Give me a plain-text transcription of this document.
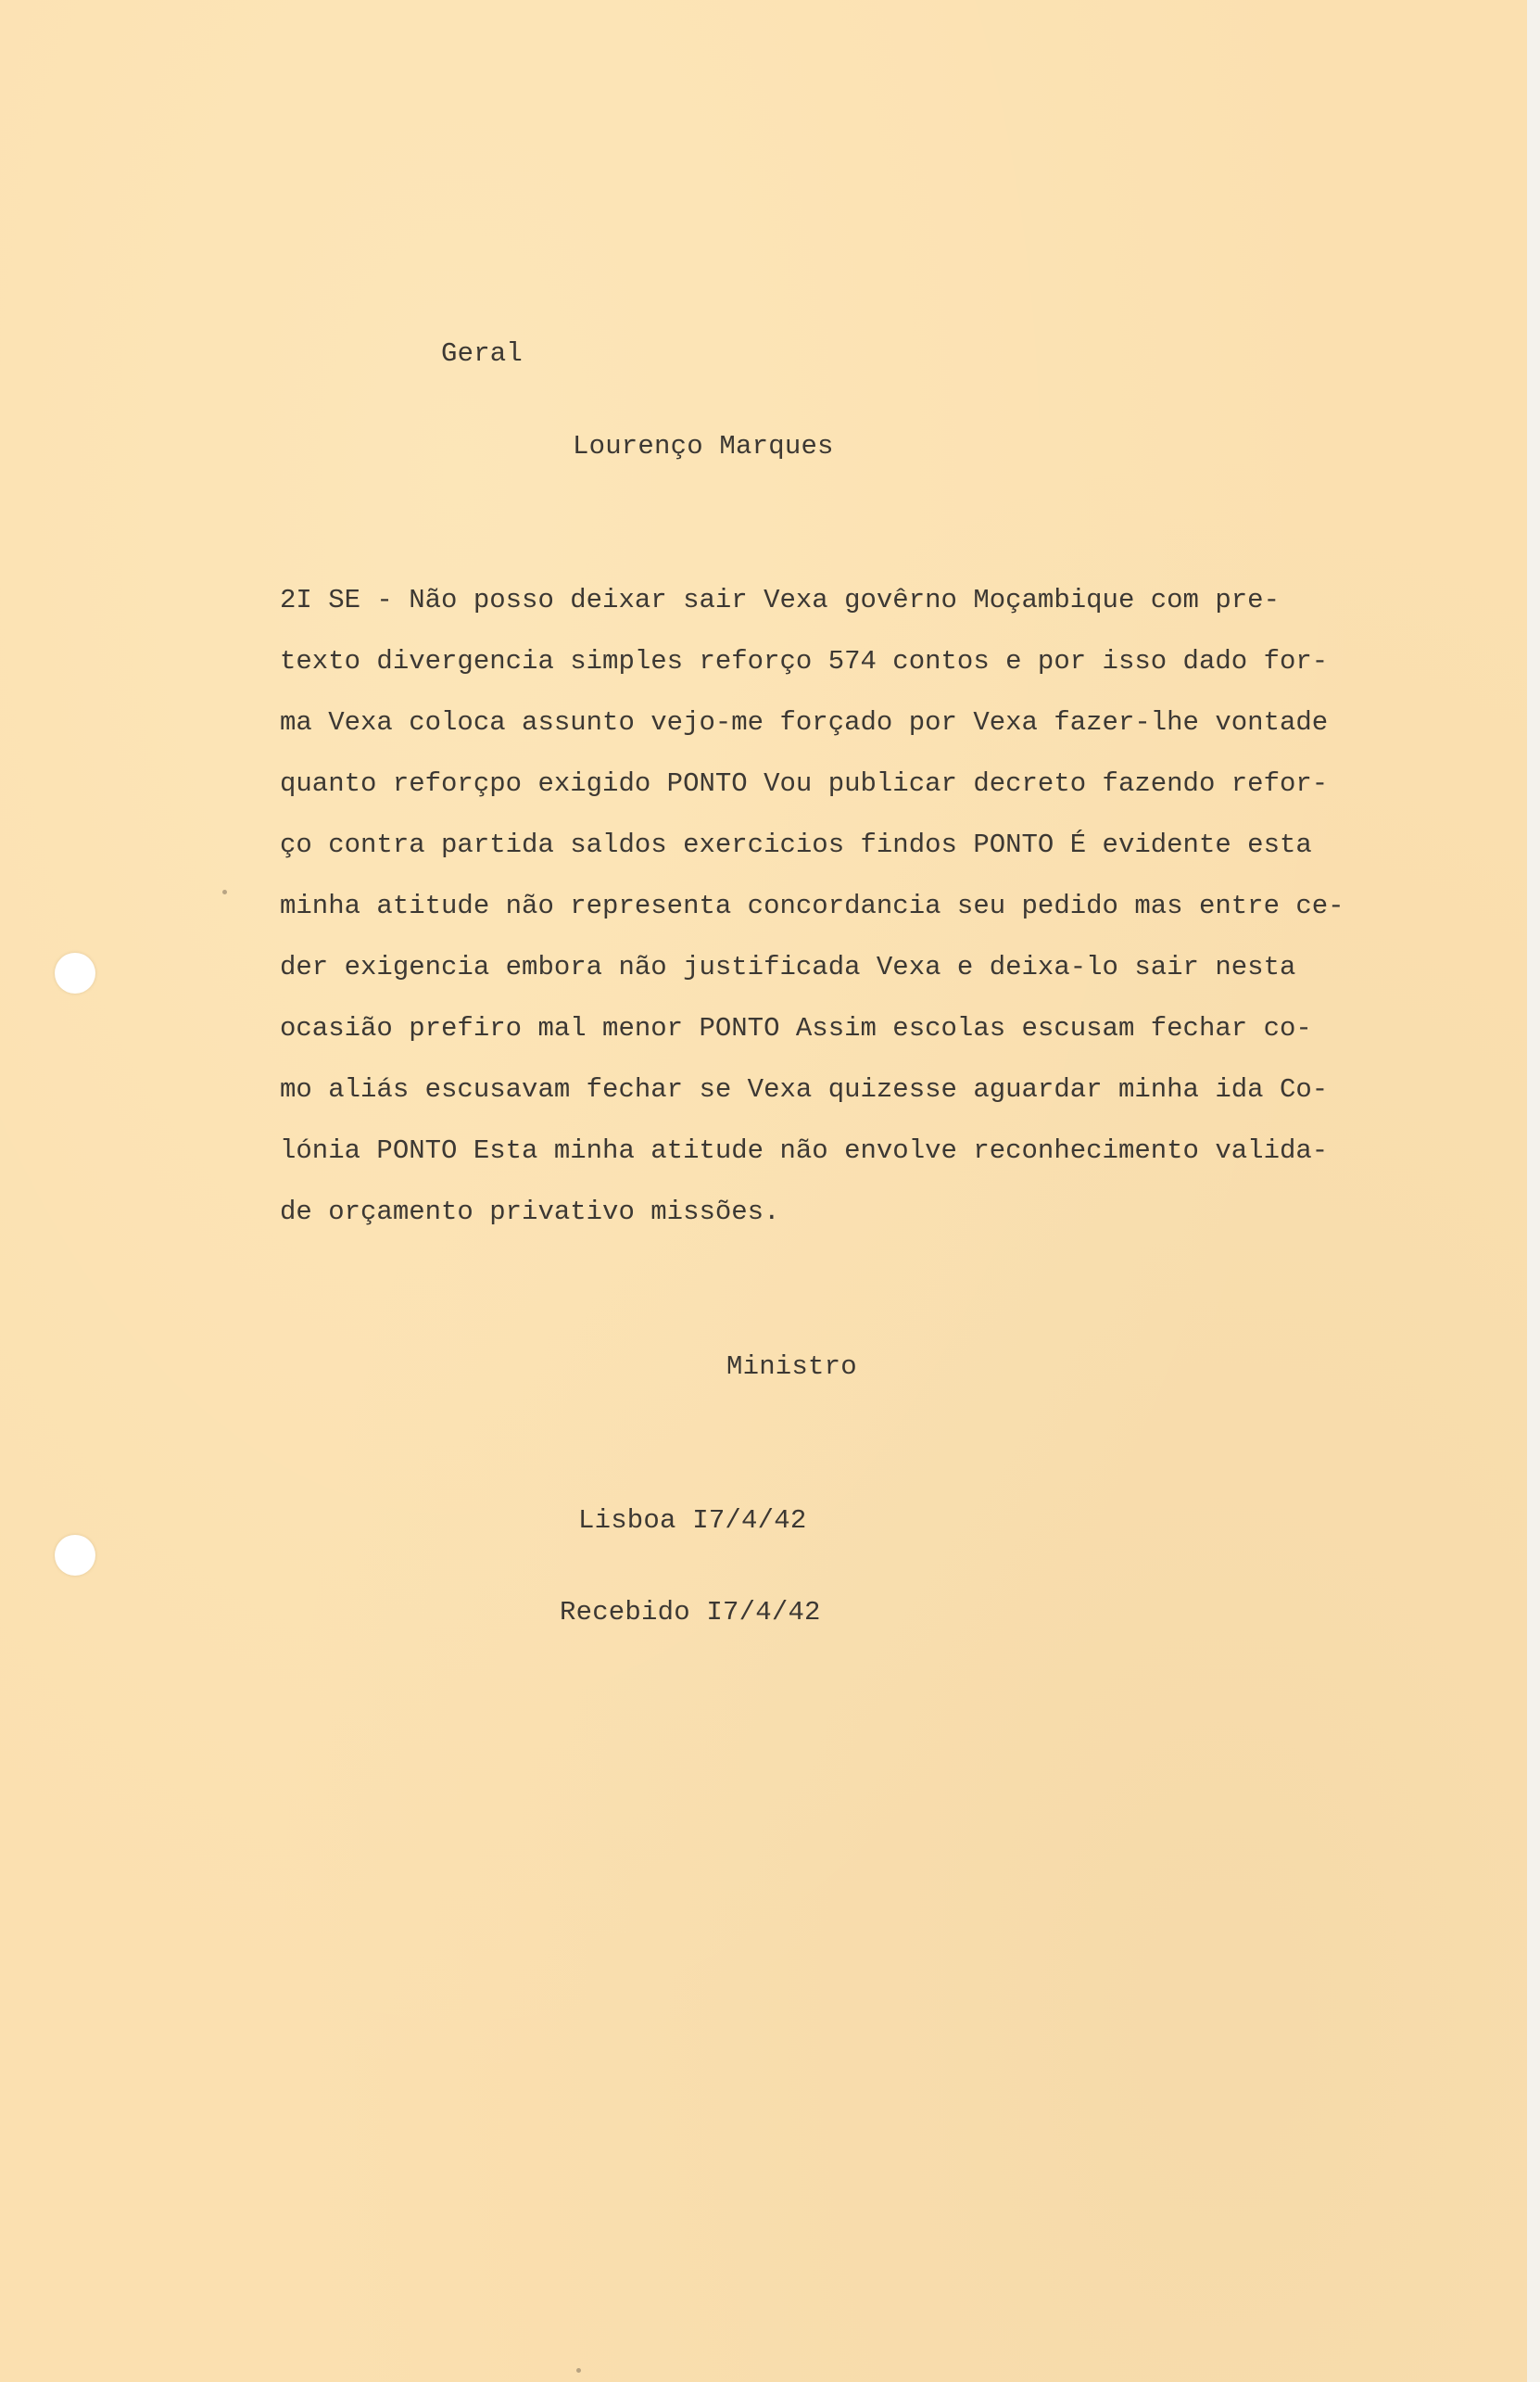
Geral
Lourenço Marques
2I SE - Não posso deixar sair Vexa govêrno Moçambique com pre-
texto divergencia simples reforço 574 contos e por isso dado for-
ma Vexa coloca assunto vejo-me forçado por Vexa fazer-lhe vontade
quanto reforçpo exigido PONTO Vou publicar decreto fazendo refor-
ço contra partida saldos exercicios findos PONTO É evidente esta
minha atitude não representa concordancia seu pedido mas entre ce-
der exigencia embora não justificada Vexa e deixa-lo sair nesta
ocasião prefiro mal menor PONTO Assim escolas escusam fechar co-
mo aliás escusavam fechar se Vexa quizesse aguardar minha ida Co-
lónia PONTO Esta minha atitude não envolve reconhecimento valida-
de orçamento privativo missões.
Ministro
Lisboa I7/4/42
Recebido I7/4/42
